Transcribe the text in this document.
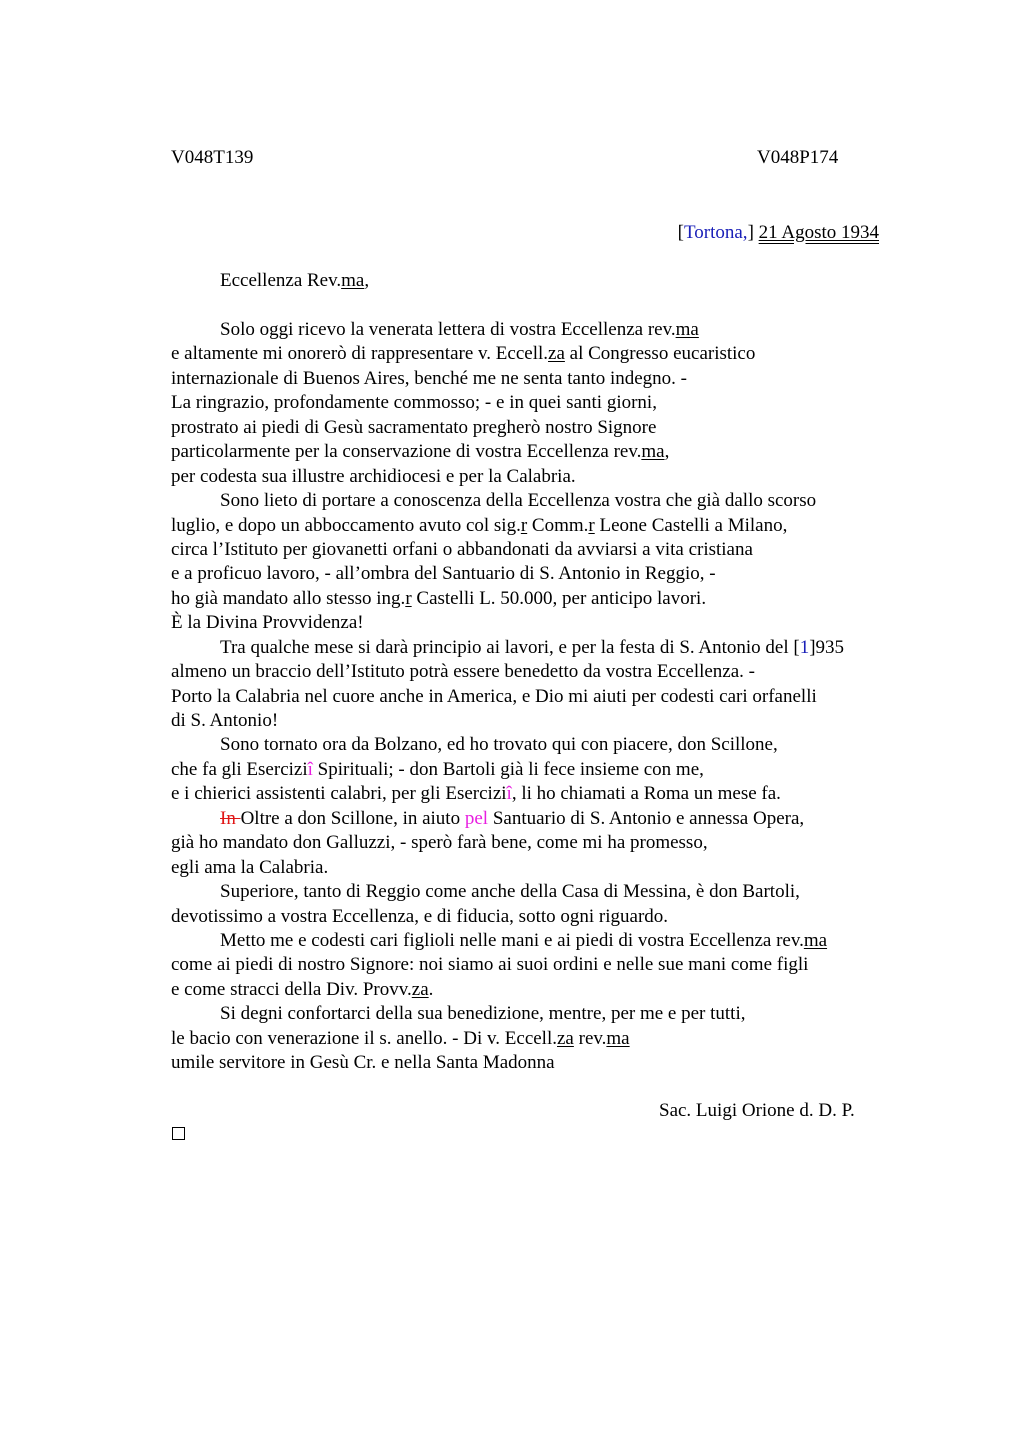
V048T139	V048P174
[Tortona,] 21 Agosto 1934
Eccellenza Rev.ma,
Solo oggi ricevo la venerata lettera di vostra Eccellenza rev.ma
e altamente mi onorerò di rappresentare v. Eccell.za al Congresso eucaristico
internazionale di Buenos Aires, benché me ne senta tanto indegno. -
La ringrazio, profondamente commosso; - e in quei santi giorni,
prostrato ai piedi di Gesù sacramentato pregherò nostro Signore
particolarmente per la conservazione di vostra Eccellenza rev.ma,
per codesta sua illustre archidiocesi e per la Calabria.
Sono lieto di portare a conoscenza della Eccellenza vostra che già dallo scorso
luglio, e dopo un abboccamento avuto col sig.r Comm.r Leone Castelli a Milano,
circa l’Istituto per giovanetti orfani o abbandonati da avviarsi a vita cristiana
e a proficuo lavoro, - all’ombra del Santuario di S. Antonio in Reggio, -
ho già mandato allo stesso ing.r Castelli L. 50.000, per anticipo lavori.
È la Divina Provvidenza!
Tra qualche mese si darà principio ai lavori, e per la festa di S. Antonio del [1]935
almeno un braccio dell’Istituto potrà essere benedetto da vostra Eccellenza. -
Porto la Calabria nel cuore anche in America, e Dio mi aiuti per codesti cari orfanelli
di S. Antonio!
Sono tornato ora da Bolzano, ed ho trovato qui con piacere, don Scillone,
che fa gli Eserciziî Spirituali; - don Bartoli già li fece insieme con me,
e i chierici assistenti calabri, per gli Eserciziî, li ho chiamati a Roma un mese fa.
In Oltre a don Scillone, in aiuto pel Santuario di S. Antonio e annessa Opera,
già ho mandato don Galluzzi, - sperò farà bene, come mi ha promesso,
egli ama la Calabria.
Superiore, tanto di Reggio come anche della Casa di Messina, è don Bartoli,
devotissimo a vostra Eccellenza, e di fiducia, sotto ogni riguardo.
Metto me e codesti cari figlioli nelle mani e ai piedi di vostra Eccellenza rev.ma
come ai piedi di nostro Signore: noi siamo ai suoi ordini e nelle sue mani come figli
e come stracci della Div. Provv.za.
Si degni confortarci della sua benedizione, mentre, per me e per tutti,
le bacio con venerazione il s. anello. - Di v. Eccell.za rev.ma
umile servitore in Gesù Cr. e nella Santa Madonna
Sac. Luigi Orione d. D. P.
